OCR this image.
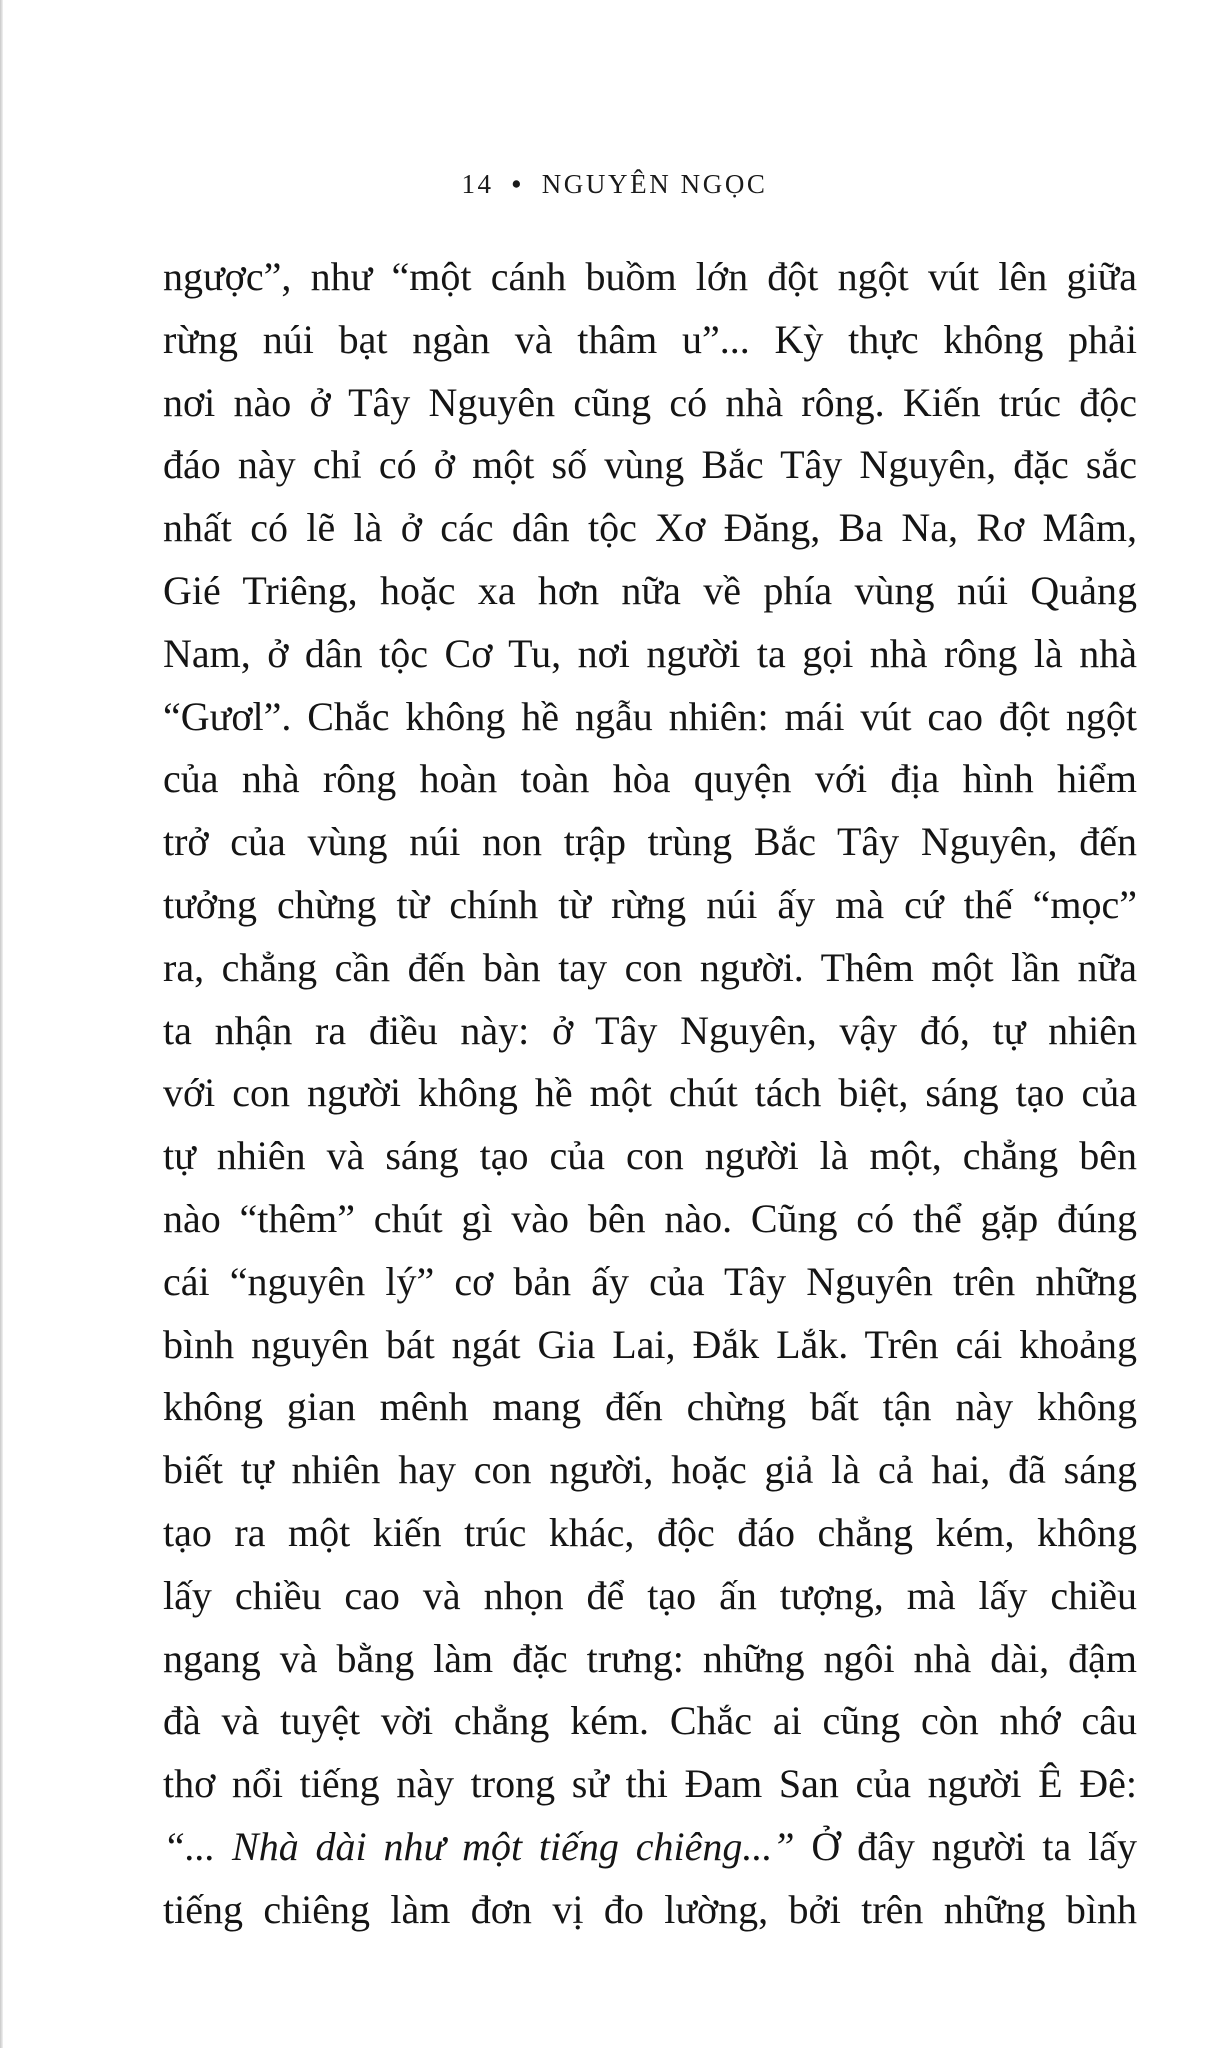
14 • NGUYÊN NGỌC
ngược”, như “một cánh buồm lớn đột ngột vút lên giữa
rừng núi bạt ngàn và thâm u”... Kỳ thực không phải
nơi nào ở Tây Nguyên cũng có nhà rông. Kiến trúc độc
đáo này chỉ có ở một số vùng Bắc Tây Nguyên, đặc sắc
nhất có lẽ là ở các dân tộc Xơ Đăng, Ba Na, Rơ Mâm,
Gié Triêng, hoặc xa hơn nữa về phía vùng núi Quảng
Nam, ở dân tộc Cơ Tu, nơi người ta gọi nhà rông là nhà
“Gươl”. Chắc không hề ngẫu nhiên: mái vút cao đột ngột
của nhà rông hoàn toàn hòa quyện với địa hình hiểm
trở của vùng núi non trập trùng Bắc Tây Nguyên, đến
tưởng chừng từ chính từ rừng núi ấy mà cứ thế “mọc”
ra, chẳng cần đến bàn tay con người. Thêm một lần nữa
ta nhận ra điều này: ở Tây Nguyên, vậy đó, tự nhiên
với con người không hề một chút tách biệt, sáng tạo của
tự nhiên và sáng tạo của con người là một, chẳng bên
nào “thêm” chút gì vào bên nào. Cũng có thể gặp đúng
cái “nguyên lý” cơ bản ấy của Tây Nguyên trên những
bình nguyên bát ngát Gia Lai, Đắk Lắk. Trên cái khoảng
không gian mênh mang đến chừng bất tận này không
biết tự nhiên hay con người, hoặc giả là cả hai, đã sáng
tạo ra một kiến trúc khác, độc đáo chẳng kém, không
lấy chiều cao và nhọn để tạo ấn tượng, mà lấy chiều
ngang và bằng làm đặc trưng: những ngôi nhà dài, đậm
đà và tuyệt vời chẳng kém. Chắc ai cũng còn nhớ câu
thơ nổi tiếng này trong sử thi Đam San của người Ê Đê:
“... Nhà dài như một tiếng chiêng...” Ở đây người ta lấy
tiếng chiêng làm đơn vị đo lường, bởi trên những bình
